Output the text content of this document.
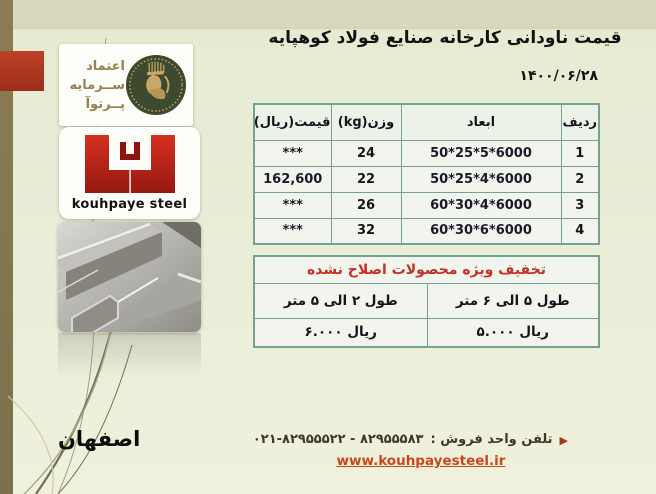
اعتماد
ســرمایه
پــرتوآ
kouhpaye steel
قیمت ناودانی کارخانه صنایع فولاد کوهپایه
۱۴۰۰/۰۶/۲۸
ردیف	ابعاد	وزن(kg)	قیمت(ریال)
1	50*25*5*6000	24	***
2	50*25*4*6000	22	162,600
3	60*30*4*6000	26	***
4	60*30*6*6000	32	***
تخفیف ویژه محصولات اصلاح نشده	
طول ۵ الی ۶ متر	طول ۲ الی ۵ متر
۵.۰۰۰ ریال	۶.۰۰۰ ریال
▶
تلفن واحد فروش :
۰۲۱-۸۲۹۵۵۵۲۲ - ۸۲۹۵۵۵۸۳
www.kouhpayesteel.ir
اصفهان
